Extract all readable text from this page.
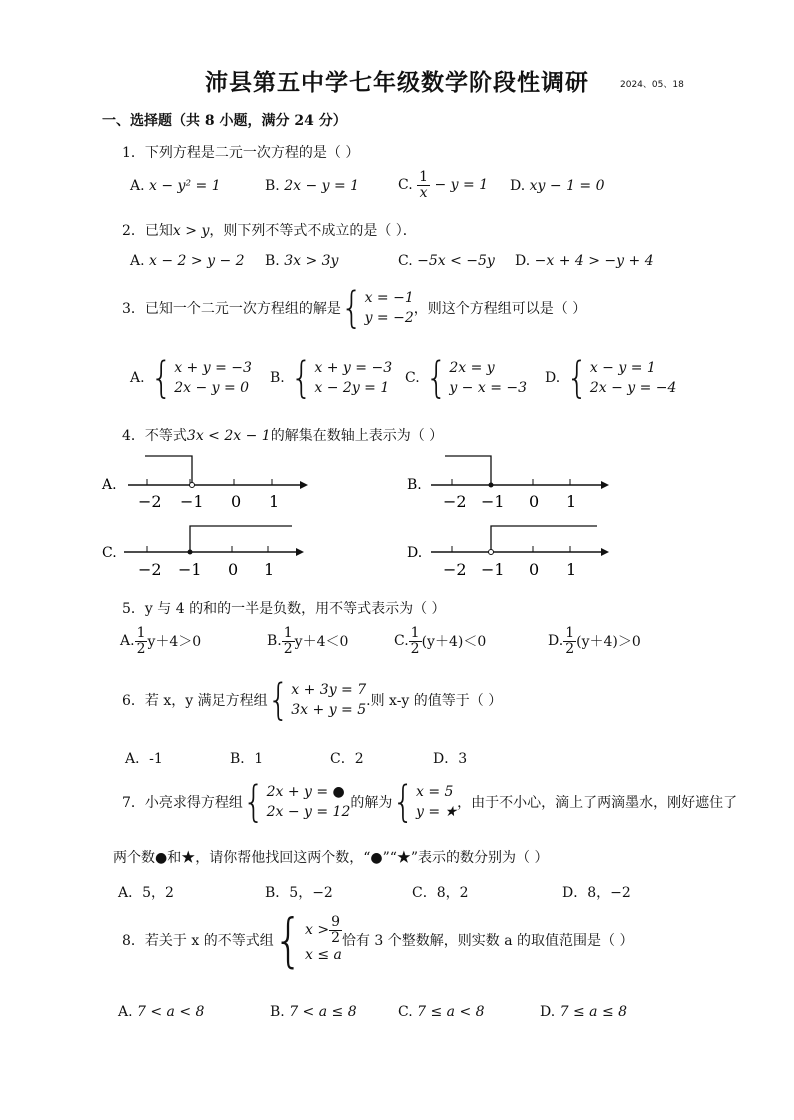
沛县第五中学七年级数学阶段性调研	2024、05、18
一、选择题（共 8 小题，满分 24 分）
1．下列方程是二元一次方程的是（ ）
A. x − y² = 1	B. 2x − y = 1	C. $\frac{1}{x} - y = 1$ D. xy − 1 = 0
2．已知x > y，则下列不等式不成立的是（ ）．
A. x − 2 > y − 2 B. 3x > 3y	C. −5x < −5y D. −x + 4 > −y + 4
3．已知一个二元一次方程组的解是 { x = −1
y = −2
，则这个方程组可以是（ ）
A. { x + y = −3
2x − y = 0
B. { x + y = −3
x − 2y = 1
C. { 2x = y
y − x = −3
D. { x − y = 1
2x − y = −4
4．不等式3x < 2x − 1的解集在数轴上表示为（ ）
A.
−2 −1 0 1
B.
−2 −1 0 1
C.
−2 −1 0 1
D.
−2 −1 0 1
5．y 与 4 的和的一半是负数，用不等式表示为（ ）
A. $\frac{1}{2} y+4>0$	B. $\frac{1}{2} y+4<0$	C. $\frac{1}{2} (y+4)<0$	D. $\frac{1}{2} (y+4)>0$
6．若 x，y 满足方程组 { x + 3y = 7
3x + y = 5
.则 x-y 的值等于（ ）
A．-1	B．1	C．2	D．3
7．小亮求得方程组 { 2x + y = ●
2x − y = 12
的解为 { x = 5
y = ★
，由于不小心，滴上了两滴墨水，刚好遮住了
两个数●和★，请你帮他找回这两个数，“●”“★”表示的数分别为（ ）
A．5，2	B．5，−2	C．8，2	D．8，−2
8．若关于 x 的不等式组 { $x > \frac{9}{2}$
x ≤ a
恰有 3 个整数解，则实数 a 的取值范围是（ ）
A. 7 < a < 8	B. 7 < a ≤ 8	C. 7 ≤ a < 8	D. 7 ≤ a ≤ 8
